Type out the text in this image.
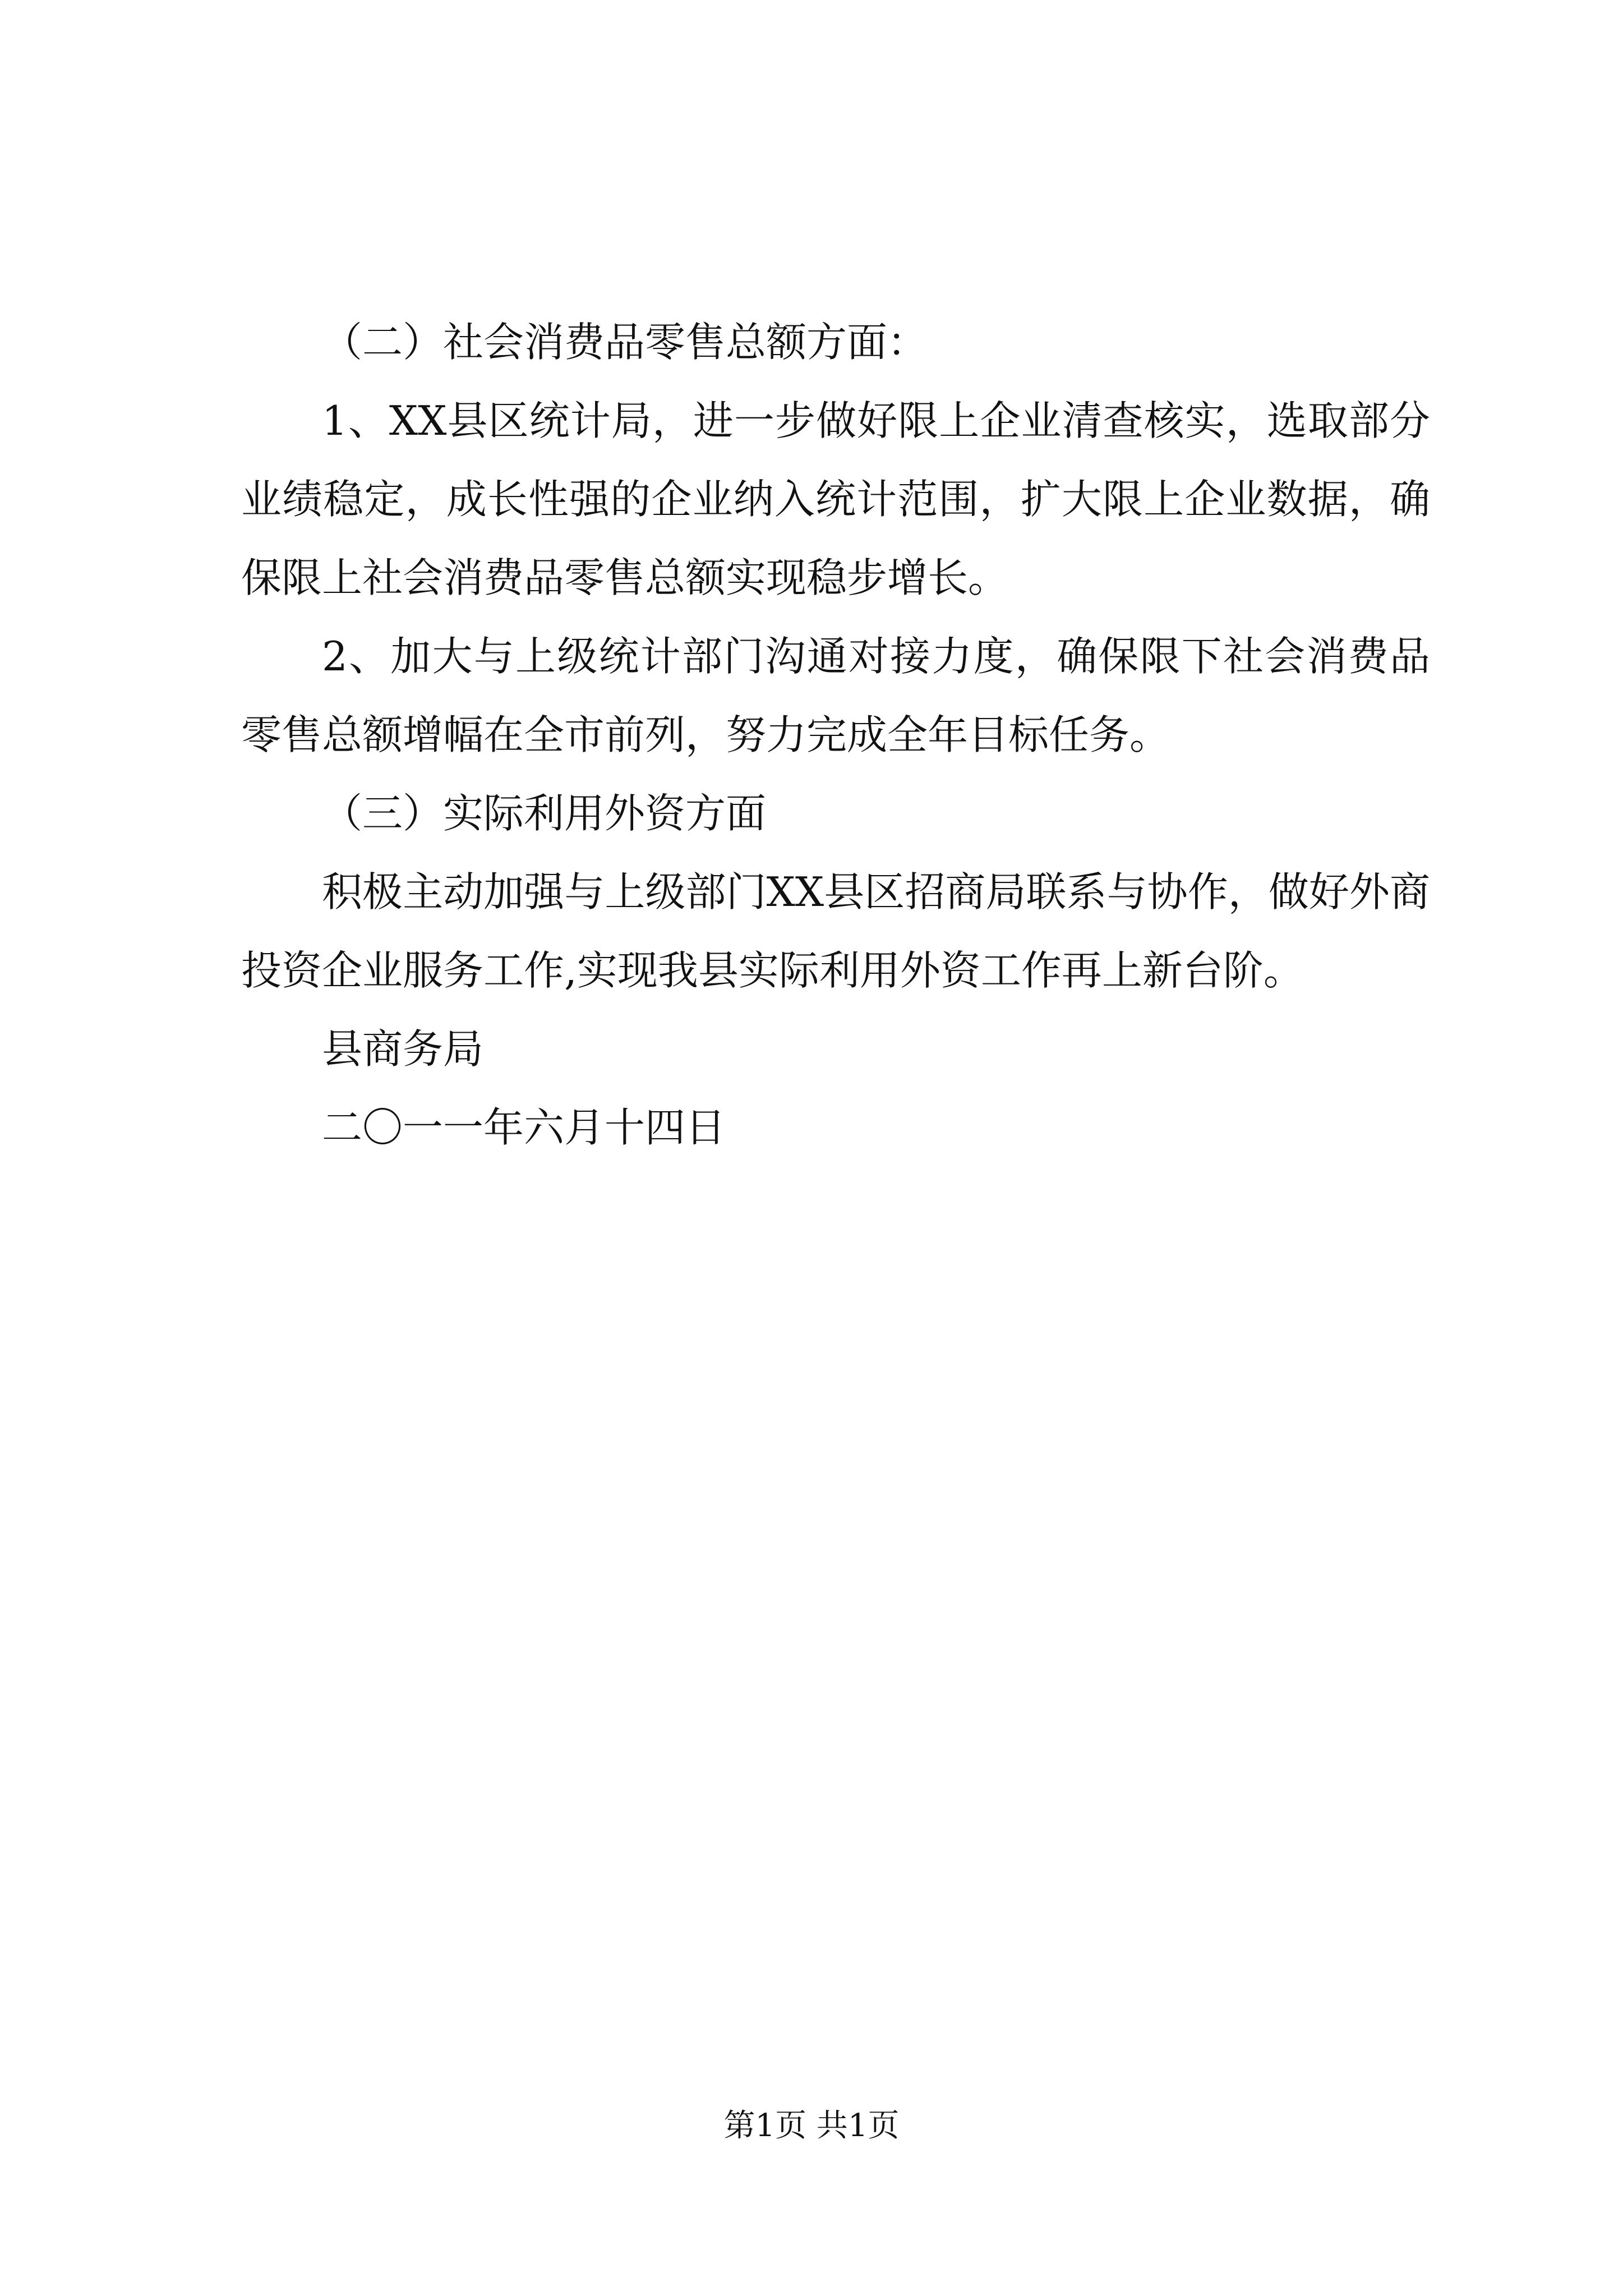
（二）社会消费品零售总额方面：

1、XX县区统计局，进一步做好限上企业清查核实，选取部分业绩稳定，成长性强的企业纳入统计范围，扩大限上企业数据，确保限上社会消费品零售总额实现稳步增长。

2、加大与上级统计部门沟通对接力度，确保限下社会消费品零售总额增幅在全市前列，努力完成全年目标任务。

（三）实际利用外资方面

积极主动加强与上级部门XX县区招商局联系与协作，做好外商投资企业服务工作,实现我县实际利用外资工作再上新台阶。

县商务局

二〇一一年六月十四日

第1页 共1页
